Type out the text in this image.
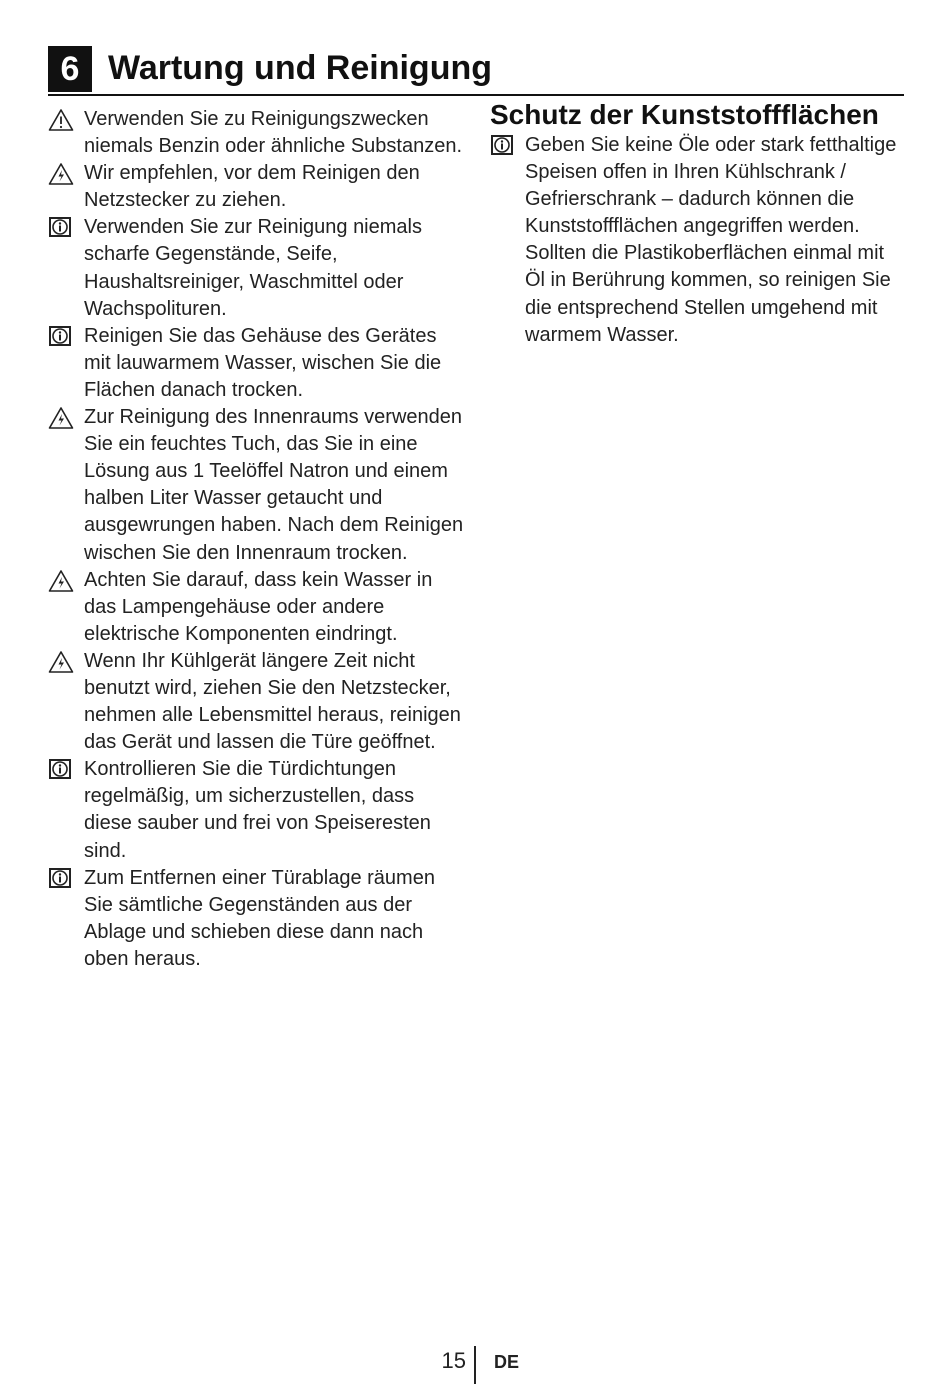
6 Wartung und Reinigung
Verwenden Sie zu Reinigungszwecken niemals Benzin oder ähnliche Substanzen.
Wir empfehlen, vor dem Reinigen den Netzstecker zu ziehen.
Verwenden Sie zur Reinigung niemals scharfe Gegenstände, Seife, Haushaltsreiniger, Waschmittel oder Wachspolituren.
Reinigen Sie das Gehäuse des Gerätes mit lauwarmem Wasser, wischen Sie die Flächen danach trocken.
Zur Reinigung des Innenraums verwenden Sie ein feuchtes Tuch, das Sie in eine Lösung aus 1 Teelöffel Natron und einem halben Liter Wasser getaucht und ausgewrungen haben. Nach dem Reinigen wischen Sie den Innenraum trocken.
Achten Sie darauf, dass kein Wasser in das Lampengehäuse oder andere elektrische Komponenten eindringt.
Wenn Ihr Kühlgerät längere Zeit nicht benutzt wird, ziehen Sie den Netzstecker, nehmen alle Lebensmittel heraus, reinigen das Gerät und lassen die Türe geöffnet.
Kontrollieren Sie die Türdichtungen regelmäßig, um sicherzustellen, dass diese sauber und frei von Speiseresten sind.
Zum Entfernen einer Türablage räumen Sie sämtliche Gegenständen aus der Ablage und schieben diese dann nach oben heraus.
Schutz der Kunststoffflächen
Geben Sie keine Öle oder stark fetthaltige Speisen offen in Ihren Kühlschrank / Gefrierschrank – dadurch können die Kunststoffflächen angegriffen werden. Sollten die Plastikoberflächen einmal mit Öl in Berührung kommen, so reinigen Sie die entsprechend Stellen umgehend mit warmem Wasser.
15 DE
